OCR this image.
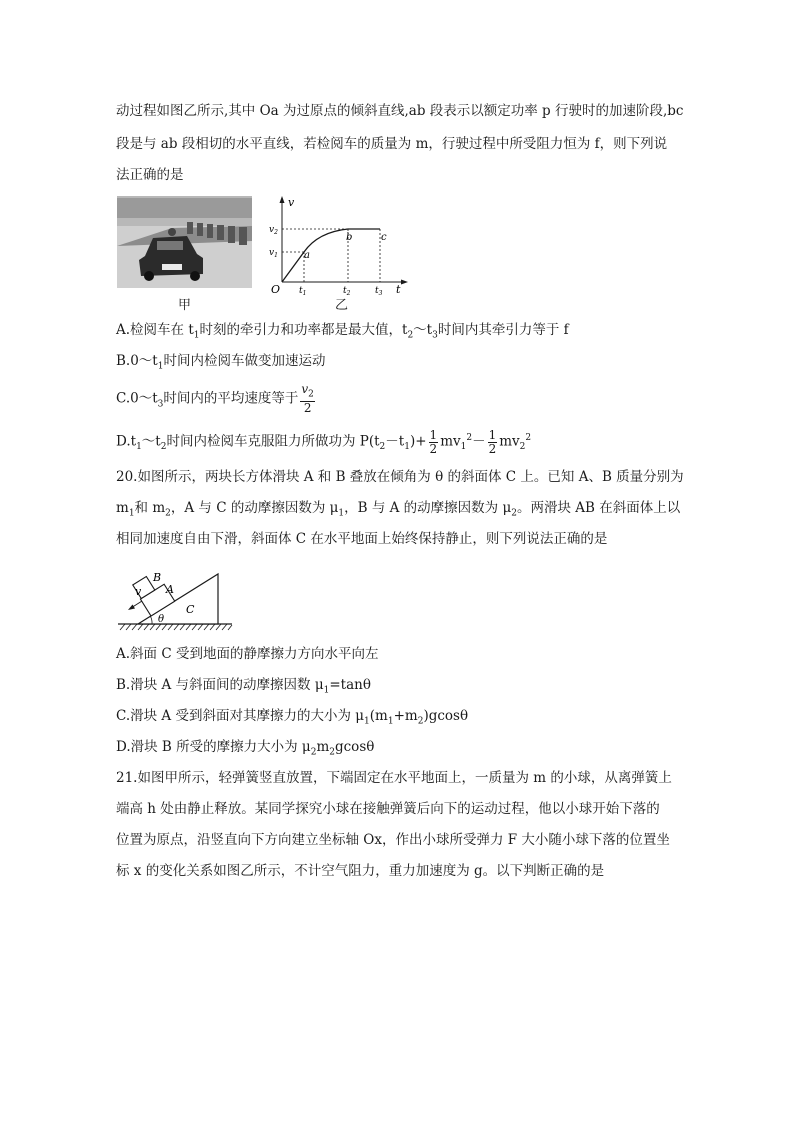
动过程如图乙所示,其中 Oa 为过原点的倾斜直线,ab 段表示以额定功率 p 行驶时的加速阶段,bc
段是与 ab 段相切的水平直线，若检阅车的质量为 m，行驶过程中所受阻力恒为 f，则下列说
法正确的是
甲
v
t
O
$v_2$
$v_1$
$t_1$	$t_2$	$t_3$
a
b	c
乙
A.检阅车在 $t_1$时刻的牵引力和功率都是最大值，$t_2\sim t_3$时间内其牵引力等于 f
$B.0\sim t_1$时间内检阅车做变加速运动
$C.0\sim t_3$时间内的平均速度等于 $\frac{v_2}{2}$
$D.t_1\sim t_2$时间内检阅车克服阻力所做功为 $P(t_2-t_1)+ \frac{1}{2} mv_1^2- \frac{1}{2} mv_2^2$
20.如图所示，两块长方体滑块 A 和 B 叠放在倾角为 θ 的斜面体 C 上。已知 A、B 质量分别为
$m_1$和 $m_2$，A 与 C 的动摩擦因数为 $\mu_1$，B 与 A 的动摩擦因数为 $\mu_2$。两滑块 AB 在斜面体上以
相同加速度自由下滑，斜面体 C 在水平地面上始终保持静止，则下列说法正确的是
B
A
C
v
θ
A.斜面 C 受到地面的静摩擦力方向水平向左
B.滑块 A 与斜面间的动摩擦因数 $\mu_1=\tan\theta$
C.滑块 A 受到斜面对其摩擦力的大小为 $\mu_1(m_1+m_2)gcos\theta$
D.滑块 B 所受的摩擦力大小为 $\mu_2m_2gcos\theta$
21.如图甲所示，轻弹簧竖直放置，下端固定在水平地面上，一质量为 m 的小球，从离弹簧上
端高 h 处由静止释放。某同学探究小球在接触弹簧后向下的运动过程，他以小球开始下落的
位置为原点，沿竖直向下方向建立坐标轴 Ox，作出小球所受弹力 F 大小随小球下落的位置坐
标 x 的变化关系如图乙所示，不计空气阻力，重力加速度为 g。以下判断正确的是
